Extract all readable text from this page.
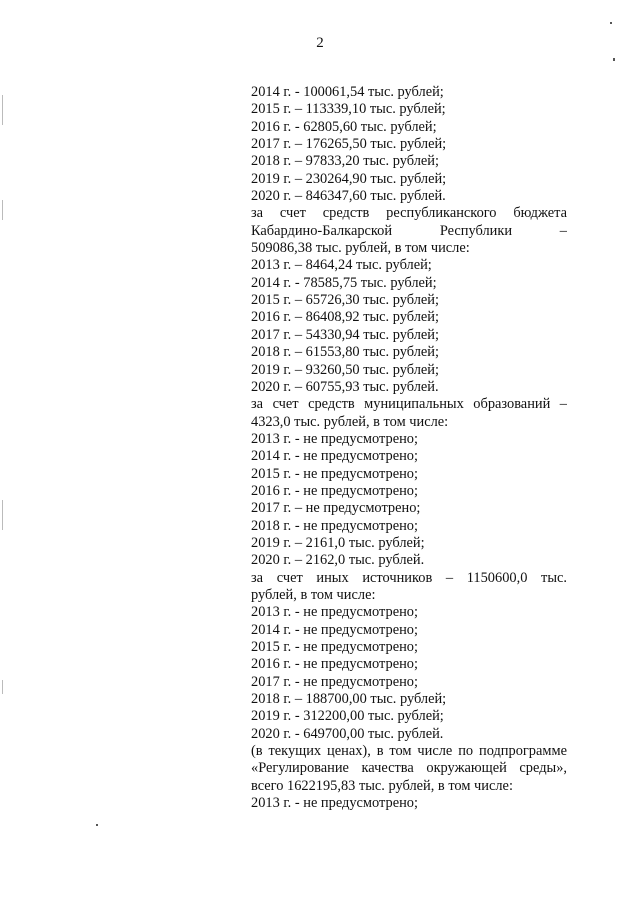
2
2014 г. - 100061,54 тыс. рублей;
2015 г. – 113339,10 тыс. рублей;
2016 г. - 62805,60 тыс. рублей;
2017 г. – 176265,50 тыс. рублей;
2018 г. – 97833,20 тыс. рублей;
2019 г. – 230264,90 тыс. рублей;
2020 г. – 846347,60 тыс. рублей.
за счет средств республиканского бюджета
Кабардино-Балкарской Республики –
509086,38 тыс. рублей, в том числе:
2013 г. – 8464,24 тыс. рублей;
2014 г. - 78585,75 тыс. рублей;
2015 г. – 65726,30 тыс. рублей;
2016 г. – 86408,92 тыс. рублей;
2017 г. – 54330,94 тыс. рублей;
2018 г. – 61553,80 тыс. рублей;
2019 г. – 93260,50 тыс. рублей;
2020 г. – 60755,93 тыс. рублей.
за счет средств муниципальных образований –
4323,0 тыс. рублей, в том числе:
2013 г. - не предусмотрено;
2014 г. - не предусмотрено;
2015 г. - не предусмотрено;
2016 г. - не предусмотрено;
2017 г. – не предусмотрено;
2018 г. - не предусмотрено;
2019 г. – 2161,0 тыс. рублей;
2020 г. – 2162,0 тыс. рублей.
за счет иных источников – 1150600,0 тыс.
рублей, в том числе:
2013 г. - не предусмотрено;
2014 г. - не предусмотрено;
2015 г. - не предусмотрено;
2016 г. - не предусмотрено;
2017 г. - не предусмотрено;
2018 г. – 188700,00 тыс. рублей;
2019 г. - 312200,00 тыс. рублей;
2020 г. - 649700,00 тыс. рублей.
(в текущих ценах), в том числе по подпрограмме
«Регулирование качества окружающей среды»,
всего 1622195,83 тыс. рублей, в том числе:
2013 г. - не предусмотрено;
